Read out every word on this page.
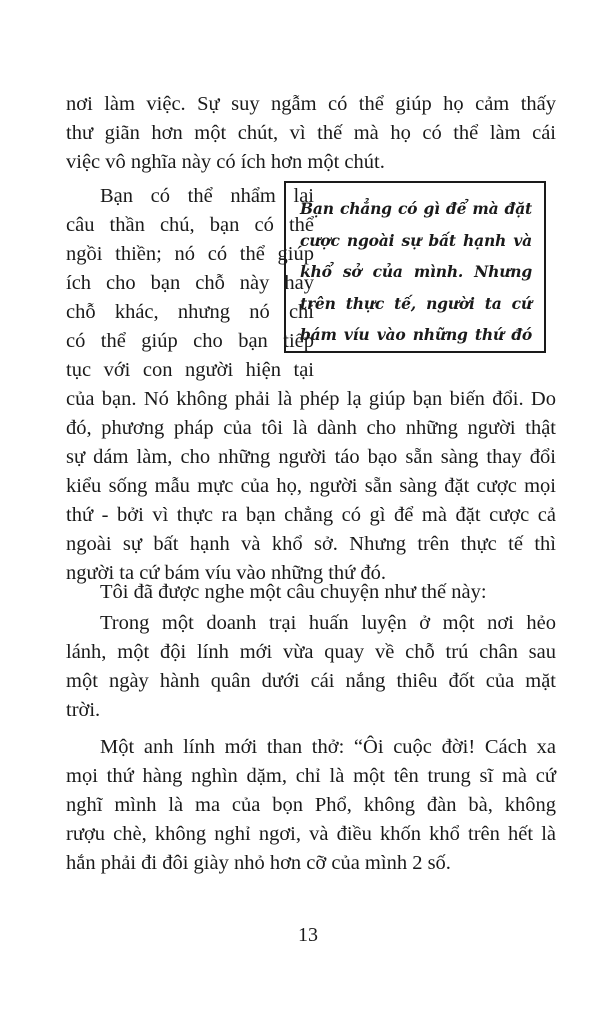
nơi làm việc. Sự suy ngẫm có thể giúp họ cảm thấy
thư giãn hơn một chút, vì thế mà họ có thể làm cái
việc vô nghĩa này có ích hơn một chút.
Bạn có thể nhẩm lại
câu thần chú, bạn có thể
ngồi thiền; nó có thể giúp
ích cho bạn chỗ này hay
chỗ khác, nhưng nó chỉ
có thể giúp cho bạn tiếp
tục với con người hiện tại
của bạn. Nó không phải là phép lạ giúp bạn biến đổi. Do
đó, phương pháp của tôi là dành cho những người thật
sự dám làm, cho những người táo bạo sẵn sàng thay đổi
kiểu sống mẫu mực của họ, người sẵn sàng đặt cược mọi
thứ - bởi vì thực ra bạn chẳng có gì để mà đặt cược cả
ngoài sự bất hạnh và khổ sở. Nhưng trên thực tế thì
người ta cứ bám víu vào những thứ đó.
Bạn chẳng có gì để mà đặt
cược ngoài sự bất hạnh và
khổ sở của mình. Nhưng
trên thực tế, người ta cứ
bám víu vào những thứ đó
Tôi đã được nghe một câu chuyện như thế này:
Trong một doanh trại huấn luyện ở một nơi hẻo
lánh, một đội lính mới vừa quay về chỗ trú chân sau
một ngày hành quân dưới cái nắng thiêu đốt của mặt
trời.
Một anh lính mới than thở: “Ôi cuộc đời! Cách xa
mọi thứ hàng nghìn dặm, chỉ là một tên trung sĩ mà cứ
nghĩ mình là ma của bọn Phổ, không đàn bà, không
rượu chè, không nghỉ ngơi, và điều khốn khổ trên hết là
hắn phải đi đôi giày nhỏ hơn cỡ của mình 2 số.
13
